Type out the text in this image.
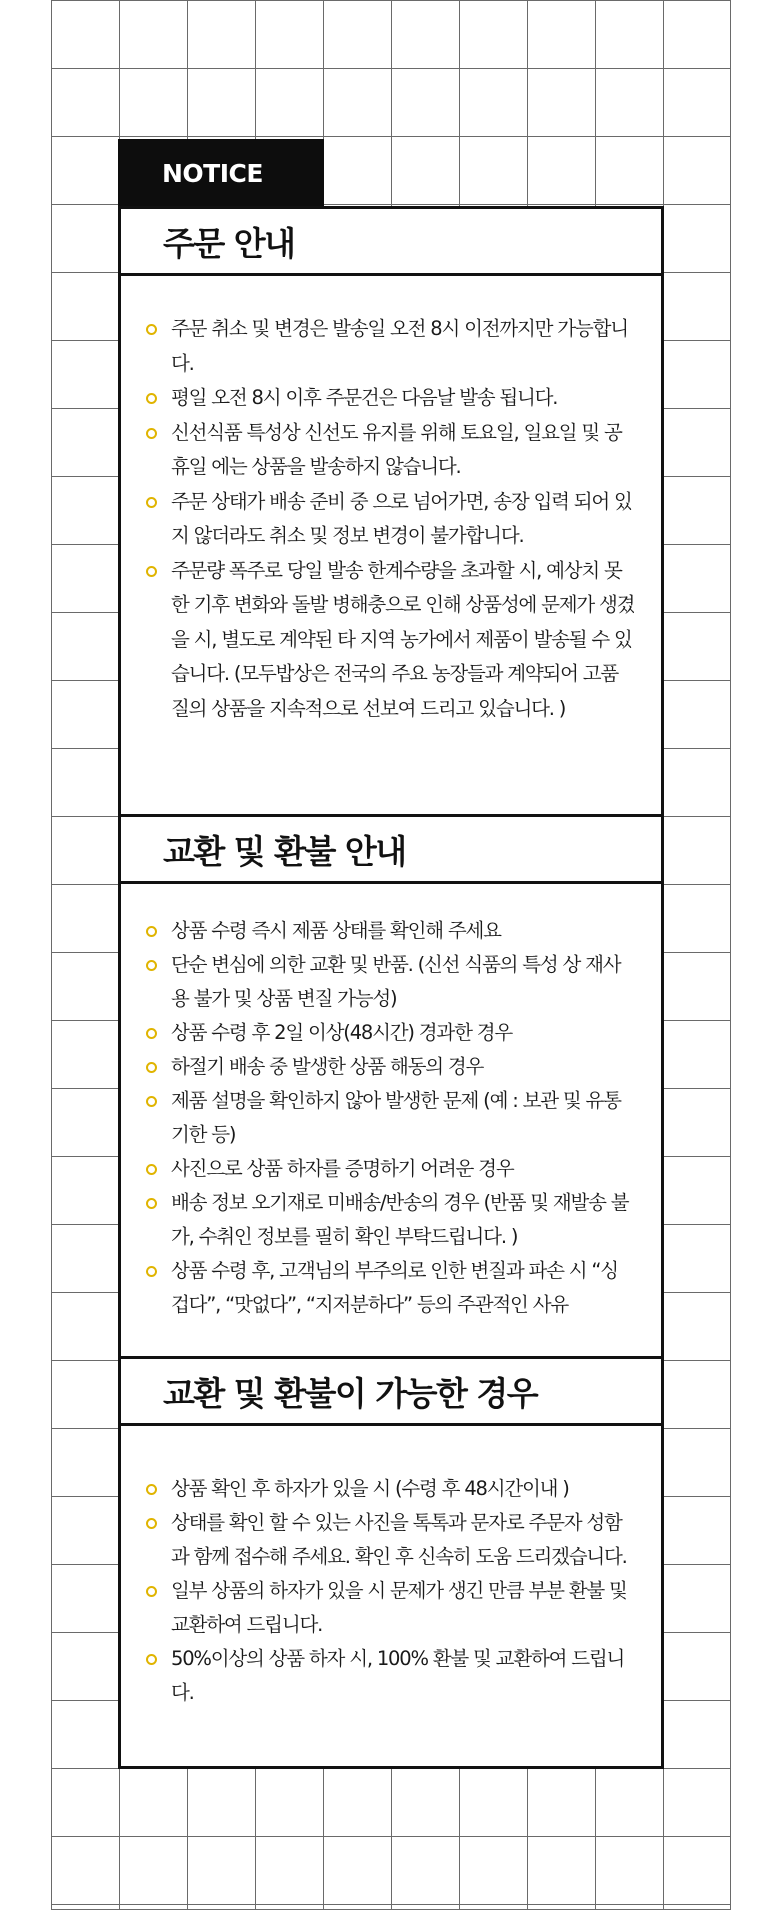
NOTICE
주문 안내
주문 취소 및 변경은 발송일 오전 8시 이전까지만 가능합니다.
평일 오전 8시 이후 주문건은 다음날 발송 됩니다.
신선식품 특성상 신선도 유지를 위해 토요일, 일요일 및 공휴일 에는 상품을 발송하지 않습니다.
주문 상태가 배송 준비 중 으로 넘어가면, 송장 입력 되어 있지 않더라도 취소 및 정보 변경이 불가합니다.
주문량 폭주로 당일 발송 한계수량을 초과할 시, 예상치 못한 기후 변화와 돌발 병해충으로 인해 상품성에 문제가 생겼을 시, 별도로 계약된 타 지역 농가에서 제품이 발송될 수 있습니다. (모두밥상은 전국의 주요 농장들과 계약되어 고품질의 상품을 지속적으로 선보여 드리고 있습니다. )
교환 및 환불 안내
상품 수령 즉시 제품 상태를 확인해 주세요
단순 변심에 의한 교환 및 반품. (신선 식품의 특성 상 재사용 불가 및 상품 변질 가능성)
상품 수령 후 2일 이상(48시간) 경과한 경우
하절기 배송 중 발생한 상품 해동의 경우
제품 설명을 확인하지 않아 발생한 문제 (예 : 보관 및 유통기한 등)
사진으로 상품 하자를 증명하기 어려운 경우
배송 정보 오기재로 미배송/반송의 경우 (반품 및 재발송 불가, 수취인 정보를 필히 확인 부탁드립니다. )
상품 수령 후, 고객님의 부주의로 인한 변질과 파손 시 “싱겁다”, “맛없다”, “지저분하다” 등의 주관적인 사유
교환 및 환불이 가능한 경우
상품 확인 후 하자가 있을 시 (수령 후 48시간이내 )
상태를 확인 할 수 있는 사진을 톡톡과 문자로 주문자 성함과 함께 접수해 주세요. 확인 후 신속히 도움 드리겠습니다.
일부 상품의 하자가 있을 시 문제가 생긴 만큼 부분 환불 및 교환하여 드립니다.
50%이상의 상품 하자 시, 100% 환불 및 교환하여 드립니다.
